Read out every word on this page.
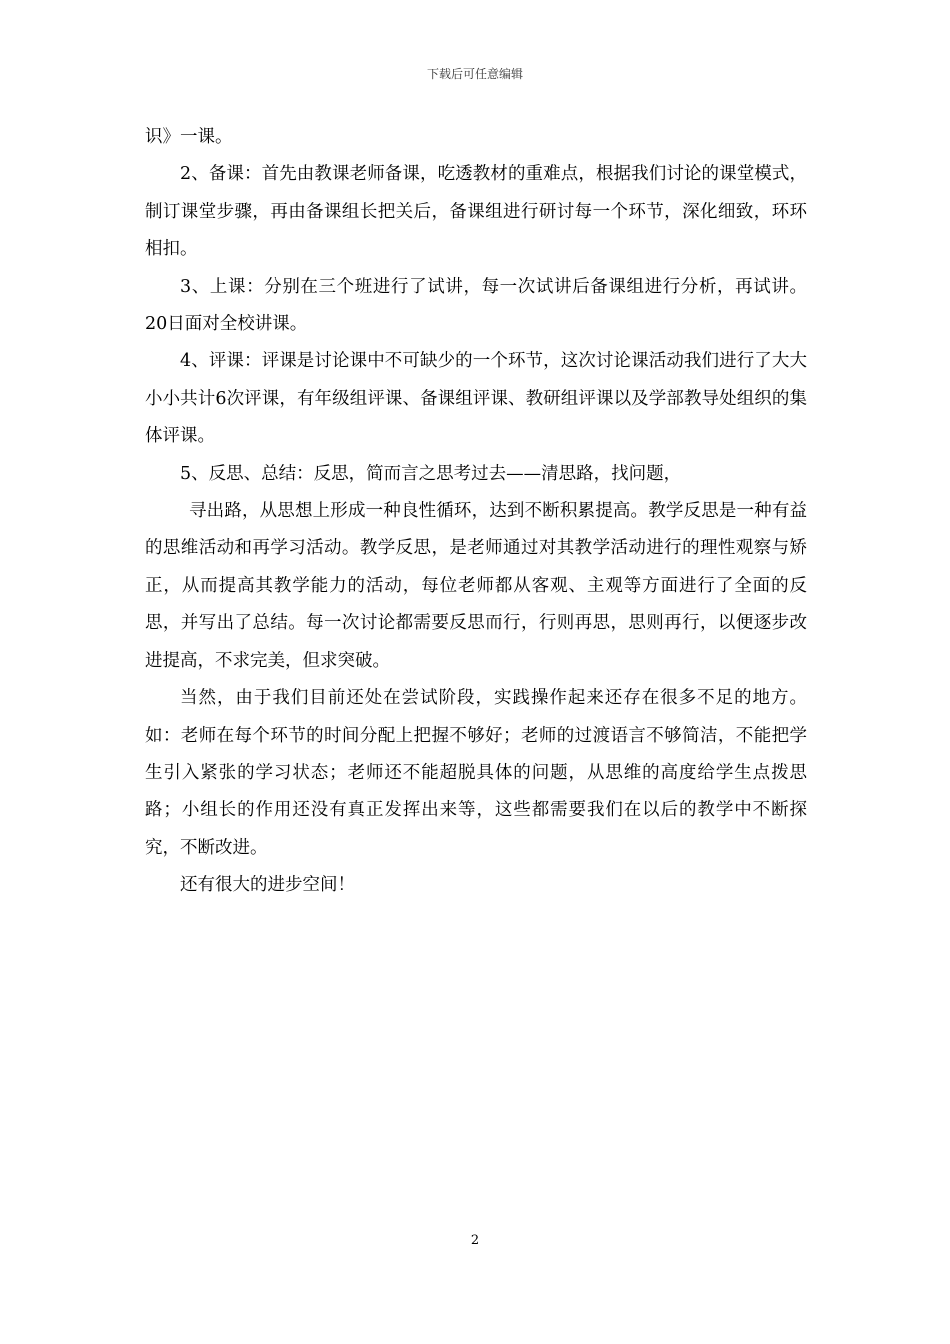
下载后可任意编辑

识》一课。

2、备课：首先由教课老师备课，吃透教材的重难点，根据我们讨论的课堂模式，制订课堂步骤，再由备课组长把关后，备课组进行研讨每一个环节，深化细致，环环相扣。

3、上课：分别在三个班进行了试讲，每一次试讲后备课组进行分析，再试讲。20日面对全校讲课。

4、评课：评课是讨论课中不可缺少的一个环节，这次讨论课活动我们进行了大大小小共计6次评课，有年级组评课、备课组评课、教研组评课以及学部教导处组织的集体评课。

5、反思、总结：反思，简而言之思考过去——清思路，找问题，

寻出路，从思想上形成一种良性循环，达到不断积累提高。教学反思是一种有益的思维活动和再学习活动。教学反思，是老师通过对其教学活动进行的理性观察与矫正，从而提高其教学能力的活动，每位老师都从客观、主观等方面进行了全面的反思，并写出了总结。每一次讨论都需要反思而行，行则再思，思则再行，以便逐步改进提高，不求完美，但求突破。

当然，由于我们目前还处在尝试阶段，实践操作起来还存在很多不足的地方。如：老师在每个环节的时间分配上把握不够好；老师的过渡语言不够简洁，不能把学生引入紧张的学习状态；老师还不能超脱具体的问题，从思维的高度给学生点拨思路；小组长的作用还没有真正发挥出来等，这些都需要我们在以后的教学中不断探究，不断改进。

还有很大的进步空间！

2
